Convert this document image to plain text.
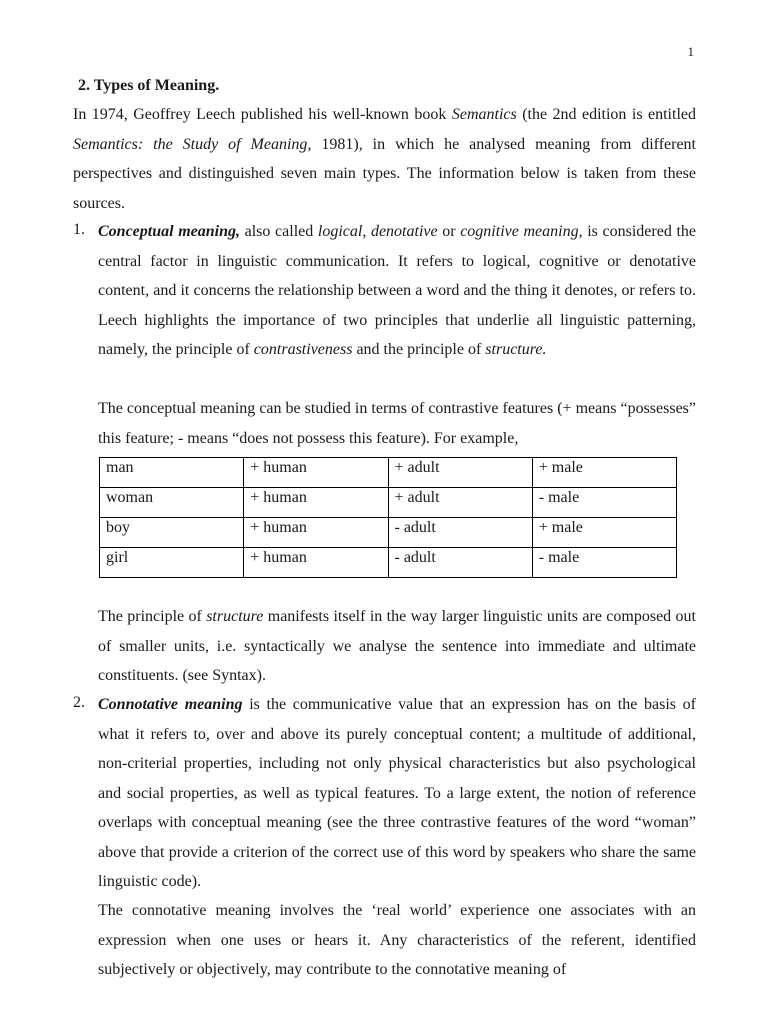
1
2. Types of Meaning.

In 1974, Geoffrey Leech published his well-known book Semantics (the 2nd edition is entitled Semantics: the Study of Meaning, 1981), in which he analysed meaning from different perspectives and distinguished seven main types. The information below is taken from these sources.

1. Conceptual meaning, also called logical, denotative or cognitive meaning, is considered the central factor in linguistic communication. It refers to logical, cognitive or denotative content, and it concerns the relationship between a word and the thing it denotes, or refers to. Leech highlights the importance of two principles that underlie all linguistic patterning, namely, the principle of contrastiveness and the principle of structure.

The conceptual meaning can be studied in terms of contrastive features (+ means “possesses” this feature; - means “does not possess this feature). For example,

man	+ human	+ adult	+ male
woman	+ human	+ adult	- male
boy	+ human	- adult	+ male
girl	+ human	- adult	- male

The principle of structure manifests itself in the way larger linguistic units are composed out of smaller units, i.e. syntactically we analyse the sentence into immediate and ultimate constituents. (see Syntax).

2. Connotative meaning is the communicative value that an expression has on the basis of what it refers to, over and above its purely conceptual content; a multitude of additional, non-criterial properties, including not only physical characteristics but also psychological and social properties, as well as typical features. To a large extent, the notion of reference overlaps with conceptual meaning (see the three contrastive features of the word “woman” above that provide a criterion of the correct use of this word by speakers who share the same linguistic code).

The connotative meaning involves the ‘real world’ experience one associates with an expression when one uses or hears it. Any characteristics of the referent, identified subjectively or objectively, may contribute to the connotative meaning of
